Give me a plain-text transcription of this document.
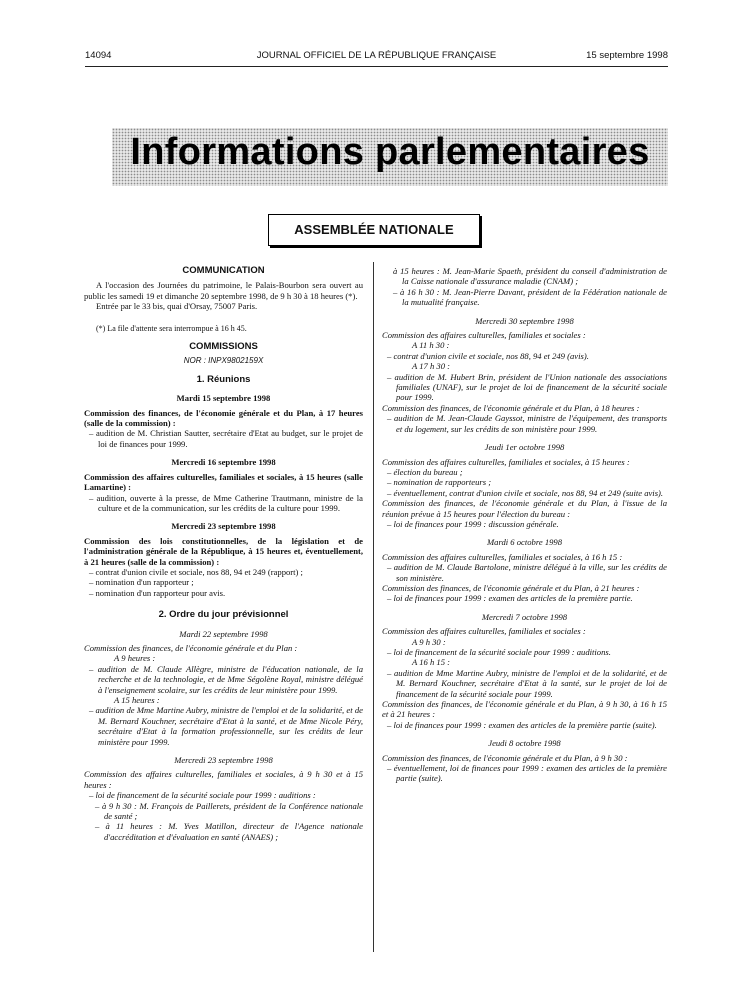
14094	JOURNAL OFFICIEL DE LA RÉPUBLIQUE FRANÇAISE	15 septembre 1998
Informations parlementaires
ASSEMBLÉE NATIONALE

COMMUNICATION

A l'occasion des Journées du patrimoine, le Palais-Bourbon sera ouvert au public les samedi 19 et dimanche 20 septembre 1998, de 9 h 30 à 18 heures (*).

Entrée par le 33 bis, quai d'Orsay, 75007 Paris.

(*) La file d'attente sera interrompue à 16 h 45.

COMMISSIONS

NOR : INPX9802159X

1. Réunions

Mardi 15 septembre 1998

Commission des finances, de l'économie générale et du Plan, à 17 heures (salle de la commission) :

– audition de M. Christian Sautter, secrétaire d'Etat au budget, sur le projet de loi de finances pour 1999.

Mercredi 16 septembre 1998

Commission des affaires culturelles, familiales et sociales, à 15 heures (salle Lamartine) :

– audition, ouverte à la presse, de Mme Catherine Trautmann, ministre de la culture et de la communication, sur les crédits de la culture pour 1999.

Mercredi 23 septembre 1998

Commission des lois constitutionnelles, de la législation et de l'administration générale de la République, à 15 heures et, éventuellement, à 21 heures (salle de la commission) :

– contrat d'union civile et sociale, nos 88, 94 et 249 (rapport) ;

– nomination d'un rapporteur ;

– nomination d'un rapporteur pour avis.

2. Ordre du jour prévisionnel

Mardi 22 septembre 1998

Commission des finances, de l'économie générale et du Plan :

A 9 heures :

– audition de M. Claude Allègre, ministre de l'éducation nationale, de la recherche et de la technologie, et de Mme Ségolène Royal, ministre délégué à l'enseignement scolaire, sur les crédits de leur ministère pour 1999.

A 15 heures :

– audition de Mme Martine Aubry, ministre de l'emploi et de la solidarité, et de M. Bernard Kouchner, secrétaire d'Etat à la santé, et de Mme Nicole Péry, secrétaire d'Etat à la formation professionnelle, sur les crédits de leur ministère pour 1999.

Mercredi 23 septembre 1998

Commission des affaires culturelles, familiales et sociales, à 9 h 30 et à 15 heures :

– loi de financement de la sécurité sociale pour 1999 : auditions :

– à 9 h 30 : M. François de Paillerets, président de la Conférence nationale de santé ;

– à 11 heures : M. Yves Matillon, directeur de l'Agence nationale d'accréditation et d'évaluation en santé (ANAES) ;

à 15 heures : M. Jean-Marie Spaeth, président du conseil d'administration de la Caisse nationale d'assurance maladie (CNAM) ;

– à 16 h 30 : M. Jean-Pierre Davant, président de la Fédération nationale de la mutualité française.

Mercredi 30 septembre 1998

Commission des affaires culturelles, familiales et sociales :

A 11 h 30 :

– contrat d'union civile et sociale, nos 88, 94 et 249 (avis).

A 17 h 30 :

– audition de M. Hubert Brin, président de l'Union nationale des associations familiales (UNAF), sur le projet de loi de financement de la sécurité sociale pour 1999.

Commission des finances, de l'économie générale et du Plan, à 18 heures :

– audition de M. Jean-Claude Gayssot, ministre de l'équipement, des transports et du logement, sur les crédits de son ministère pour 1999.

Jeudi 1er octobre 1998

Commission des affaires culturelles, familiales et sociales, à 15 heures :

– élection du bureau ;

– nomination de rapporteurs ;

– éventuellement, contrat d'union civile et sociale, nos 88, 94 et 249 (suite avis).

Commission des finances, de l'économie générale et du Plan, à l'issue de la réunion prévue à 15 heures pour l'élection du bureau :

– loi de finances pour 1999 : discussion générale.

Mardi 6 octobre 1998

Commission des affaires culturelles, familiales et sociales, à 16 h 15 :

– audition de M. Claude Bartolone, ministre délégué à la ville, sur les crédits de son ministère.

Commission des finances, de l'économie générale et du Plan, à 21 heures :

– loi de finances pour 1999 : examen des articles de la première partie.

Mercredi 7 octobre 1998

Commission des affaires culturelles, familiales et sociales :

A 9 h 30 :

– loi de financement de la sécurité sociale pour 1999 : auditions.

A 16 h 15 :

– audition de Mme Martine Aubry, ministre de l'emploi et de la solidarité, et de M. Bernard Kouchner, secrétaire d'Etat à la santé, sur le projet de loi de financement de la sécurité sociale pour 1999.

Commission des finances, de l'économie générale et du Plan, à 9 h 30, à 16 h 15 et à 21 heures :

– loi de finances pour 1999 : examen des articles de la première partie (suite).

Jeudi 8 octobre 1998

Commission des finances, de l'économie générale et du Plan, à 9 h 30 :

– éventuellement, loi de finances pour 1999 : examen des articles de la première partie (suite).
